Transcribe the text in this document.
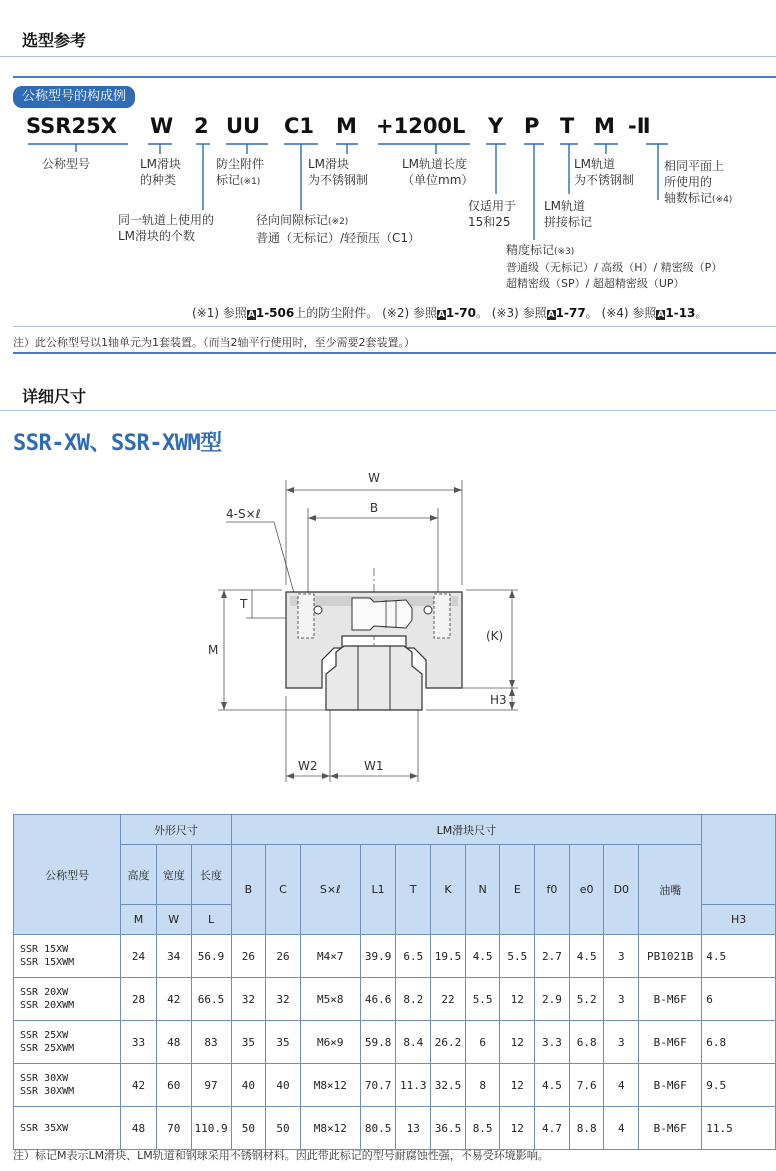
选型参考
公称型号的构成例
SSR25X W 2 UU C1 M +1200L Y P T M -Ⅱ
公称型号	LM滑块
的种类
同一轨道上使用的
LM滑块的个数
防尘附件
标记(※1)
径向间隙标记(※2)
普通（无标记）/轻预压（C1）
LM滑块
为不锈钢制
LM轨道长度
（单位mm）
仅适用于
15和25
精度标记(※3)
普通级（无标记）/ 高级（H）/ 精密级（P）
超精密级（SP）/ 超超精密级（UP）
LM轨道
拼接标记
LM轨道
为不锈钢制
相同平面上
所使用的
轴数标记(※4)
(※1) 参照A1-506上的防尘附件。 (※2) 参照A1-70。 (※3) 参照A1-77。 (※4) 参照A1-13。
注）此公称型号以1轴单元为1套装置。（而当2轴平行使用时，至少需要2套装置。）
详细尺寸
SSR-XW、SSR-XWM型
W
B
4-S×ℓ
T
M
(K)
H3
W2	W1
公称型号	外形尺寸			LM滑块尺寸												
	高度	宽度	长度	B	C	S×ℓ	L1	T	K	N	E	f0	e0	D0	油嘴	
	M	W	L													H3

SSR 15XW
SSR 15XWM	24	34	56.9	26	26	M4×7	39.9	6.5	19.5	4.5	5.5	2.7	4.5	3	PB1021B	4.5

SSR 20XW
SSR 20XWM	28	42	66.5	32	32	M5×8	46.6	8.2	22	5.5	12	2.9	5.2	3	B-M6F	6

SSR 25XW
SSR 25XWM	33	48	83	35	35	M6×9	59.8	8.4	26.2	6	12	3.3	6.8	3	B-M6F	6.8

SSR 30XW
SSR 30XWM	42	60	97	40	40	M8×12	70.7	11.3	32.5	8	12	4.5	7.6	4	B-M6F	9.5

SSR 35XW	48	70	110.9	50	50	M8×12	80.5	13	36.5	8.5	12	4.7	8.8	4	B-M6F	11.5
注）标记M表示LM滑块、LM轨道和钢球采用不锈钢材料。因此带此标记的型号耐腐蚀性强，不易受环境影响。
